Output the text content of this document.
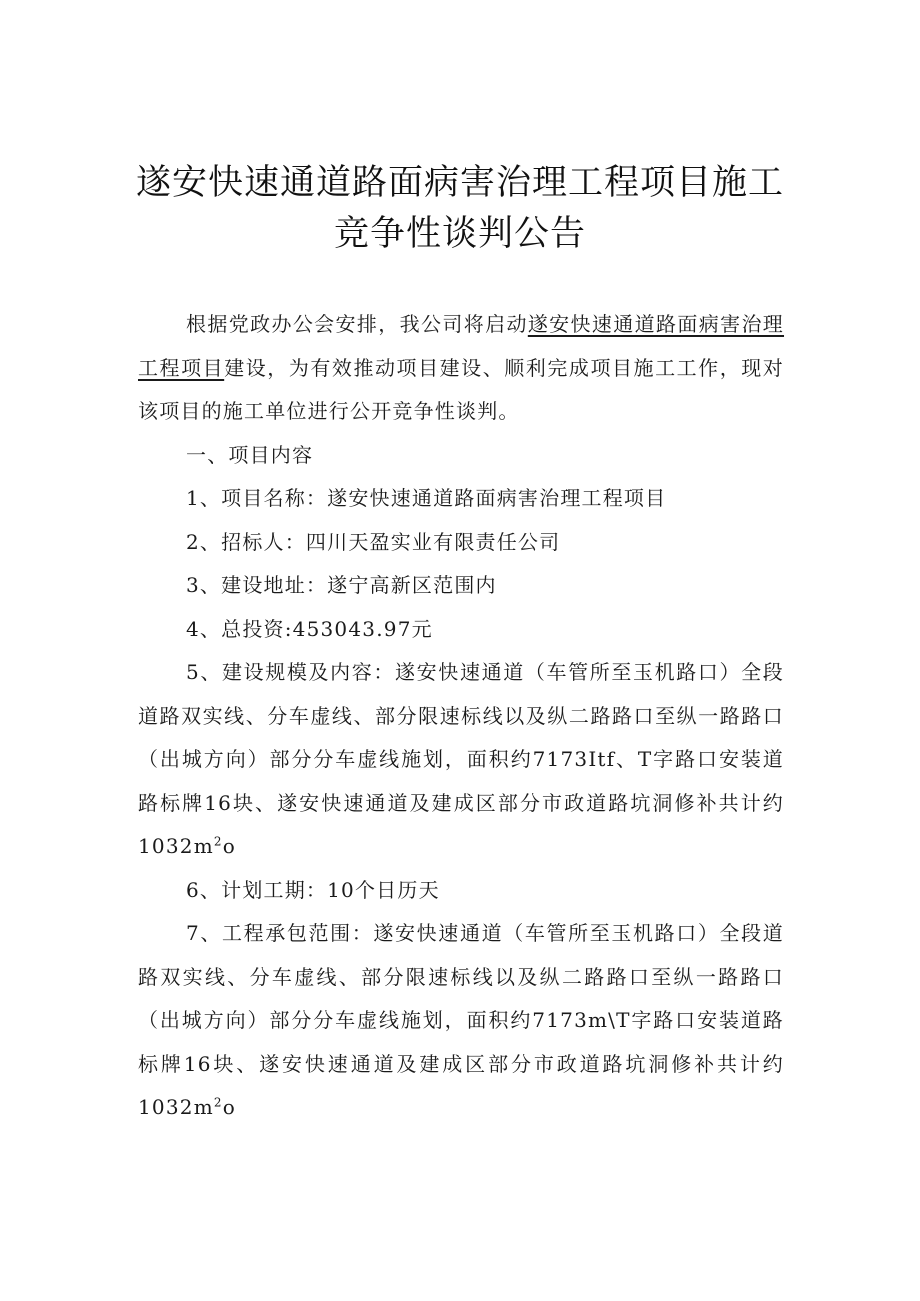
遂安快速通道路面病害治理工程项目施工
竞争性谈判公告

根据党政办公会安排，我公司将启动遂安快速通道路面病害治理工程项目建设，为有效推动项目建设、顺利完成项目施工工作，现对该项目的施工单位进行公开竞争性谈判。

一、项目内容

1、项目名称：遂安快速通道路面病害治理工程项目

2、招标人：四川天盈实业有限责任公司

3、建设地址：遂宁高新区范围内

4、总投资:453043.97元

5、建设规模及内容：遂安快速通道（车管所至玉机路口）全段道路双实线、分车虚线、部分限速标线以及纵二路路口至纵一路路口（出城方向）部分分车虚线施划，面积约7173Itf、T字路口安装道路标牌16块、遂安快速通道及建成区部分市政道路坑洞修补共计约$1032m^2o$

6、计划工期：10个日历天

7、工程承包范围：遂安快速通道（车管所至玉机路口）全段道路双实线、分车虚线、部分限速标线以及纵二路路口至纵一路路口（出城方向）部分分车虚线施划，面积约7173m\T字路口安装道路标牌16块、遂安快速通道及建成区部分市政道路坑洞修补共计约$1032m^2o$
